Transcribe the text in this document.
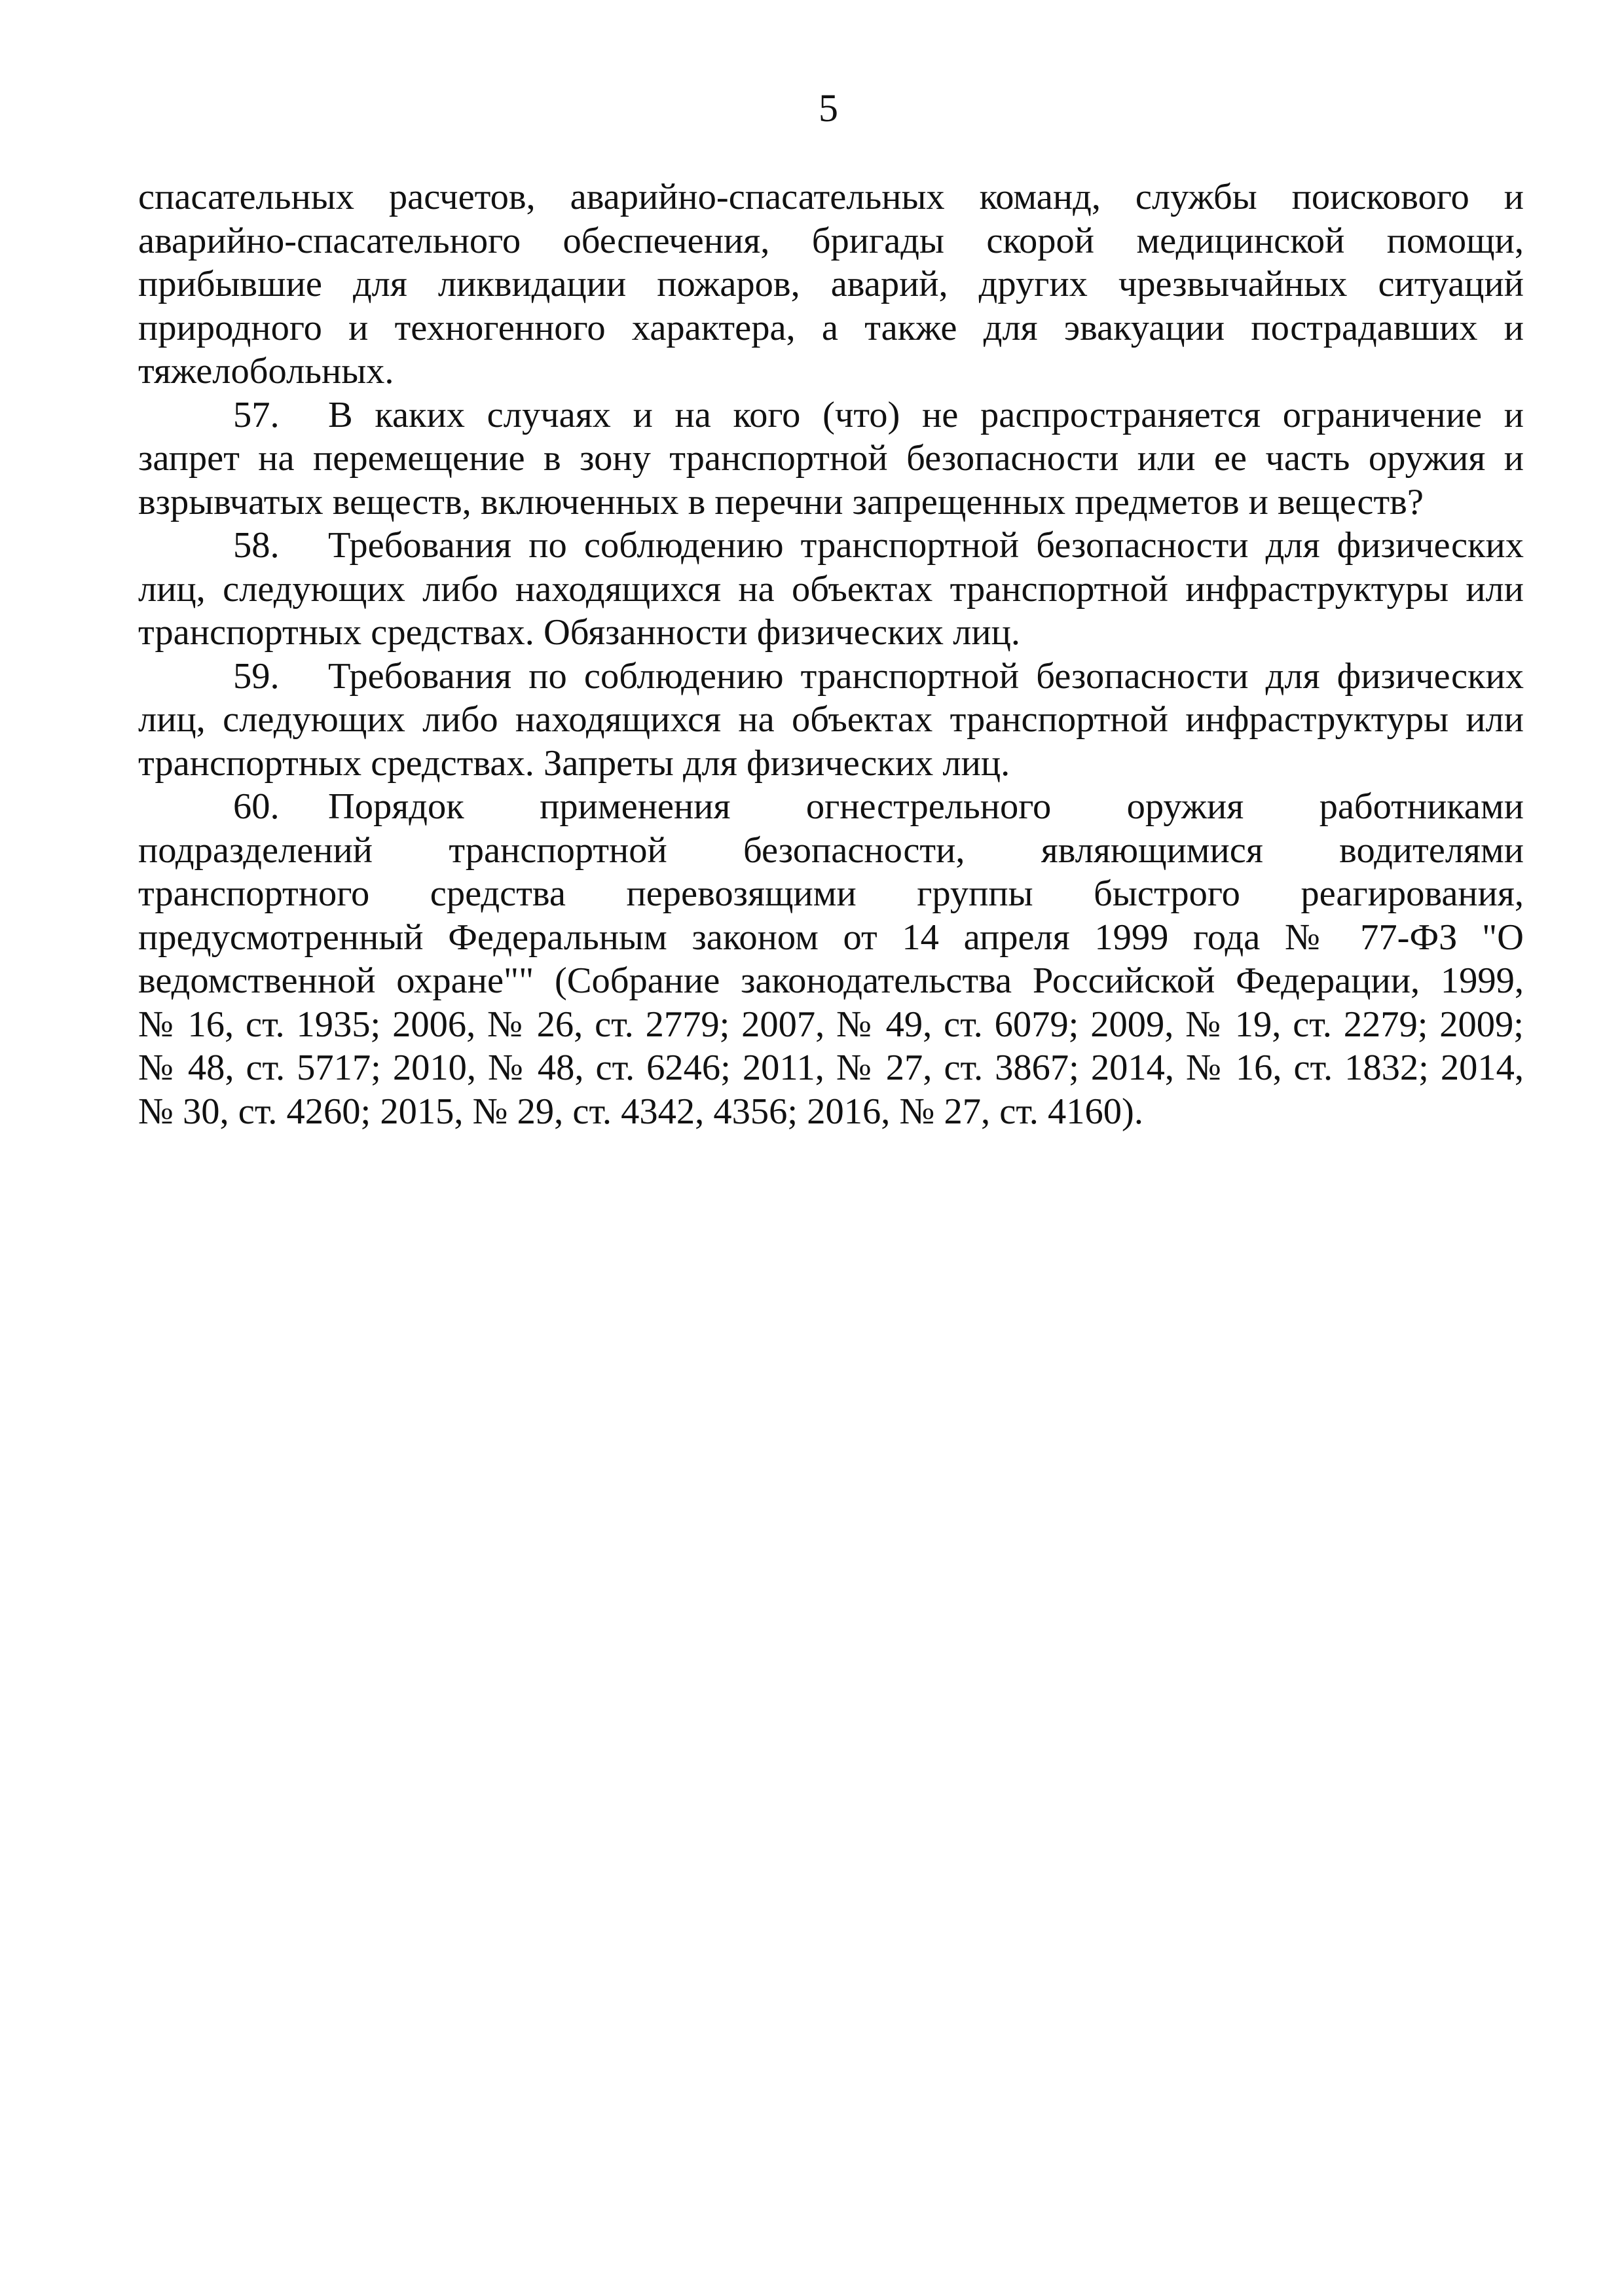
5
спасательных расчетов, аварийно-спасательных команд, службы поискового и
аварийно-спасательного обеспечения, бригады скорой медицинской помощи,
прибывшие для ликвидации пожаров, аварий, других чрезвычайных ситуаций
природного и техногенного характера, а также для эвакуации пострадавших и
тяжелобольных.
57. В каких случаях и на кого (что) не распространяется ограничение и
запрет на перемещение в зону транспортной безопасности или ее часть оружия и
взрывчатых веществ, включенных в перечни запрещенных предметов и веществ?
58. Требования по соблюдению транспортной безопасности для физических
лиц, следующих либо находящихся на объектах транспортной инфраструктуры или
транспортных средствах. Обязанности физических лиц.
59. Требования по соблюдению транспортной безопасности для физических
лиц, следующих либо находящихся на объектах транспортной инфраструктуры или
транспортных средствах. Запреты для физических лиц.
60. Порядок применения огнестрельного оружия работниками
подразделений транспортной безопасности, являющимися водителями
транспортного средства перевозящими группы быстрого реагирования,
предусмотренный Федеральным законом от 14 апреля 1999 года № 77-ФЗ "О
ведомственной охране"" (Собрание законодательства Российской Федерации, 1999,
№ 16, ст. 1935; 2006, № 26, ст. 2779; 2007, № 49, ст. 6079; 2009, № 19, ст. 2279; 2009;
№ 48, ст. 5717; 2010, № 48, ст. 6246; 2011, № 27, ст. 3867; 2014, № 16, ст. 1832; 2014,
№ 30, ст. 4260; 2015, № 29, ст. 4342, 4356; 2016, № 27, ст. 4160).
